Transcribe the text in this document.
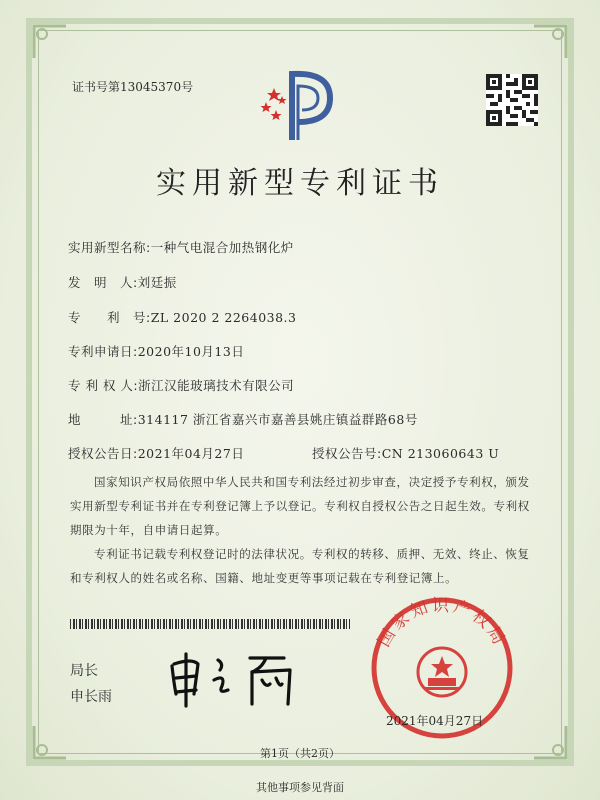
证书号第13045370号
实用新型专利证书
实用新型名称:一种气电混合加热钢化炉
发　明　人:刘廷振
专　　利　号:ZL 2020 2 2264038.3
专利申请日:2020年10月13日
专 利 权 人:浙江汉能玻璃技术有限公司
地　　　址:314117 浙江省嘉兴市嘉善县姚庄镇益群路68号
授权公告日:2021年04月27日	授权公告号:CN 213060643 U
国家知识产权局依照中华人民共和国专利法经过初步审查，决定授予专利权，颁发实用新型专利证书并在专利登记簿上予以登记。专利权自授权公告之日起生效。专利权期限为十年，自申请日起算。
专利证书记载专利权登记时的法律状况。专利权的转移、质押、无效、终止、恢复和专利权人的姓名或名称、国籍、地址变更等事项记载在专利登记簿上。
局长
申长雨
国家知识产权局
2021年04月27日
第1页（共2页）
其他事项参见背面
